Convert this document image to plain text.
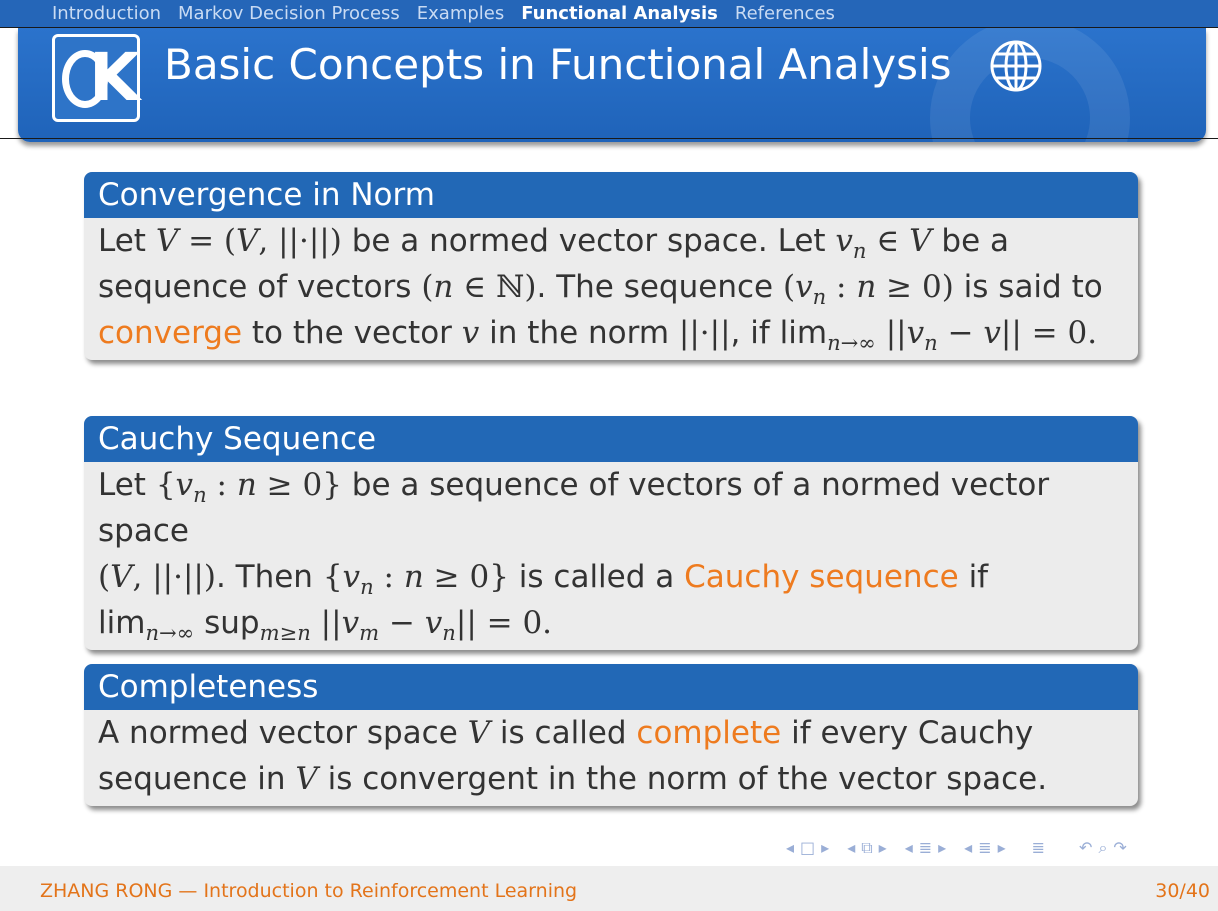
Introduction Markov Decision Process Examples Functional Analysis References
K Basic Concepts in Functional Analysis
Convergence in Norm
Let V = (V, ||·||) be a normed vector space. Let $v_n$ ∈ V be a
sequence of vectors (n ∈ ℕ). The sequence ($v_n$ : n ≥ 0) is said to
converge to the vector v in the norm ||·||, if $\lim_{n\to\infty} ||v_n - v|| = 0$.
Cauchy Sequence
Let {$v_n$ : n ≥ 0} be a sequence of vectors of a normed vector space
(V, ||·||). Then {$v_n$ : n ≥ 0} is called a Cauchy sequence if
$\lim_{n\to\infty} sup_{m\ge n}$ $||v_m - v_n|| = 0$.
Completeness
A normed vector space V is called complete if every Cauchy
sequence in V is convergent in the norm of the vector space.
◂ □ ▸ ◂ ⧉ ▸ ◂ ≣ ▸ ◂ ≣ ▸ ≣ ↶ ⌕ ↷
ZHANG RONG — Introduction to Reinforcement Learning	30/40
